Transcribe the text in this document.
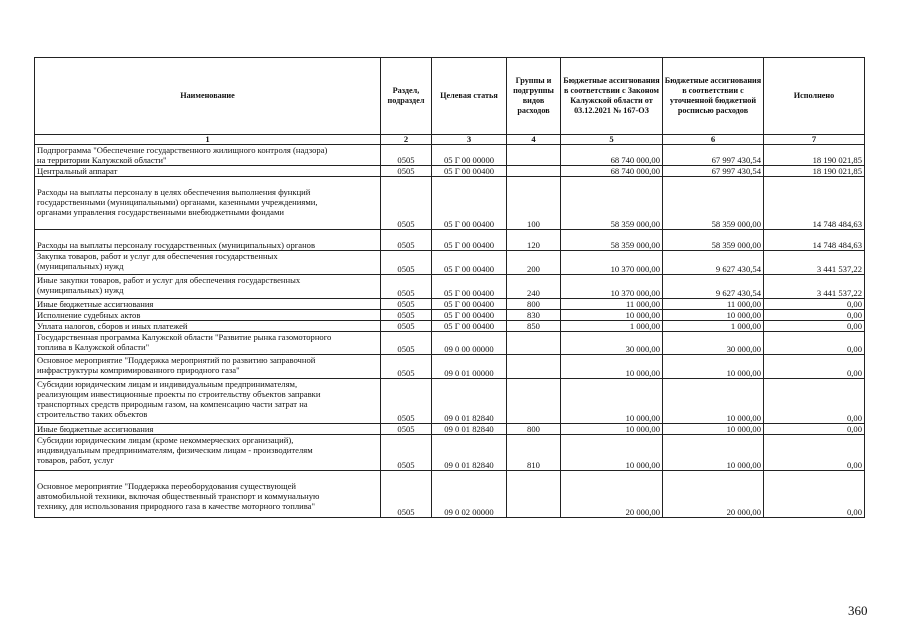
Наименование	Раздел, подраздел	Целевая статья	Группы и подгруппы видов расходов	Бюджетные ассигнования в соответствии с Законом Калужской области от 03.12.2021 № 167-ОЗ	Бюджетные ассигнования в соответствии с уточненной бюджетной росписью расходов	Исполнено
1	2	3	4	5	6	7
Подпрограмма "Обеспечение государственного жилищного контроля (надзора)
на территории Калужской области"	0505	05 Г 00 00000		68 740 000,00	67 997 430,54	18 190 021,85
Центральный аппарат	0505	05 Г 00 00400		68 740 000,00	67 997 430,54	18 190 021,85

Расходы на выплаты персоналу в целях обеспечения выполнения функций
государственными (муниципальными) органами, казенными учреждениями,
органами управления государственными внебюджетными фондами	0505	05 Г 00 00400	100	58 359 000,00	58 359 000,00	14 748 484,63

Расходы на выплаты персоналу государственных (муниципальных) органов	0505	05 Г 00 00400	120	58 359 000,00	58 359 000,00	14 748 484,63
Закупка товаров, работ и услуг для обеспечения государственных
(муниципальных) нужд	0505	05 Г 00 00400	200	10 370 000,00	9 627 430,54	3 441 537,22
Иные закупки товаров, работ и услуг для обеспечения государственных
(муниципальных) нужд	0505	05 Г 00 00400	240	10 370 000,00	9 627 430,54	3 441 537,22
Иные бюджетные ассигнования	0505	05 Г 00 00400	800	11 000,00	11 000,00	0,00
Исполнение судебных актов	0505	05 Г 00 00400	830	10 000,00	10 000,00	0,00
Уплата налогов, сборов и иных платежей	0505	05 Г 00 00400	850	1 000,00	1 000,00	0,00
Государственная программа Калужской области "Развитие рынка газомоторного
топлива в Калужской области"	0505	09 0 00 00000		30 000,00	30 000,00	0,00
Основное мероприятие "Поддержка мероприятий по развитию заправочной
инфраструктуры компримированного природного газа"	0505	09 0 01 00000		10 000,00	10 000,00	0,00
Субсидии юридическим лицам и индивидуальным предпринимателям,
реализующим инвестиционные проекты по строительству объектов заправки
транспортных средств природным газом, на компенсацию части затрат на
строительство таких объектов	0505	09 0 01 82840		10 000,00	10 000,00	0,00
Иные бюджетные ассигнования	0505	09 0 01 82840	800	10 000,00	10 000,00	0,00
Субсидии юридическим лицам (кроме некоммерческих организаций),
индивидуальным предпринимателям, физическим лицам - производителям
товаров, работ, услуг	0505	09 0 01 82840	810	10 000,00	10 000,00	0,00

Основное мероприятие "Поддержка переоборудования существующей
автомобильной техники, включая общественный транспорт и коммунальную
технику, для использования природного газа в качестве моторного топлива"	0505	09 0 02 00000		20 000,00	20 000,00	0,00
360
